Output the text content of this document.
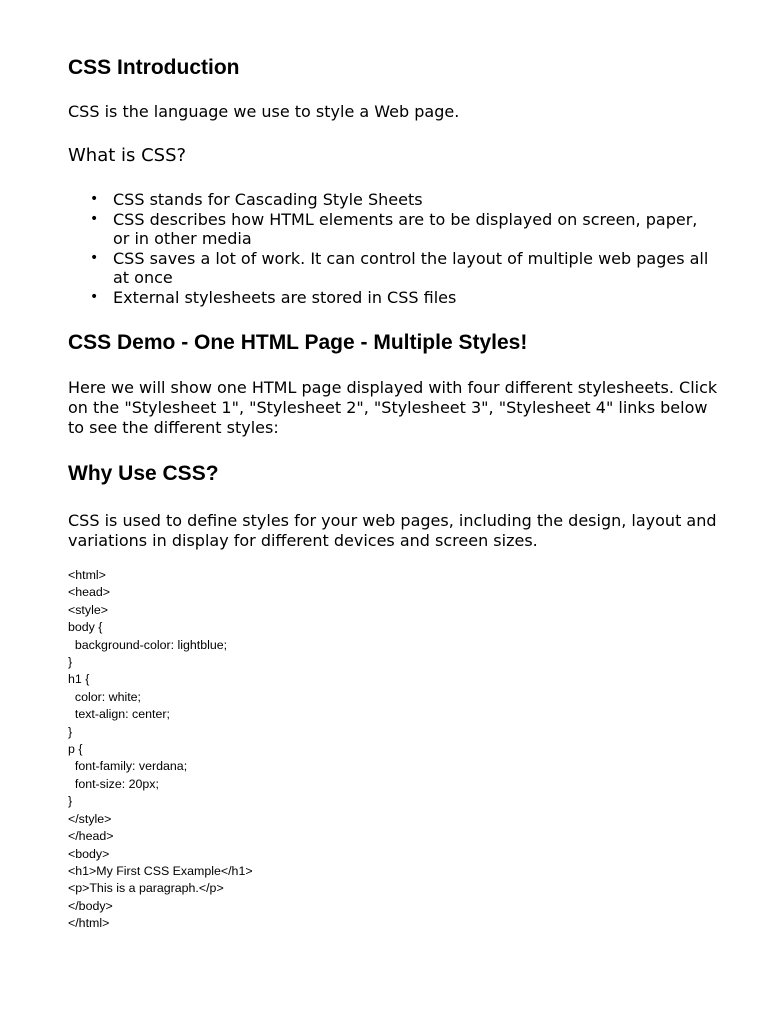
CSS Introduction

CSS is the language we use to style a Web page.

What is CSS?

• CSS stands for Cascading Style Sheets
• CSS describes how HTML elements are to be displayed on screen, paper, or in other media
• CSS saves a lot of work. It can control the layout of multiple web pages all at once
• External stylesheets are stored in CSS files
CSS Demo - One HTML Page - Multiple Styles!

Here we will show one HTML page displayed with four different stylesheets. Click on the "Stylesheet 1", "Stylesheet 2", "Stylesheet 3", "Stylesheet 4" links below to see the different styles:

Why Use CSS?

CSS is used to define styles for your web pages, including the design, layout and variations in display for different devices and screen sizes.

<html>
<head>
<style>
body {
background-color: lightblue;
}
h1 {
color: white;
text-align: center;
}
p {
font-family: verdana;
font-size: 20px;
}
</style>
</head>
<body>
<h1>My First CSS Example</h1>
<p>This is a paragraph.</p>
</body>
</html>
